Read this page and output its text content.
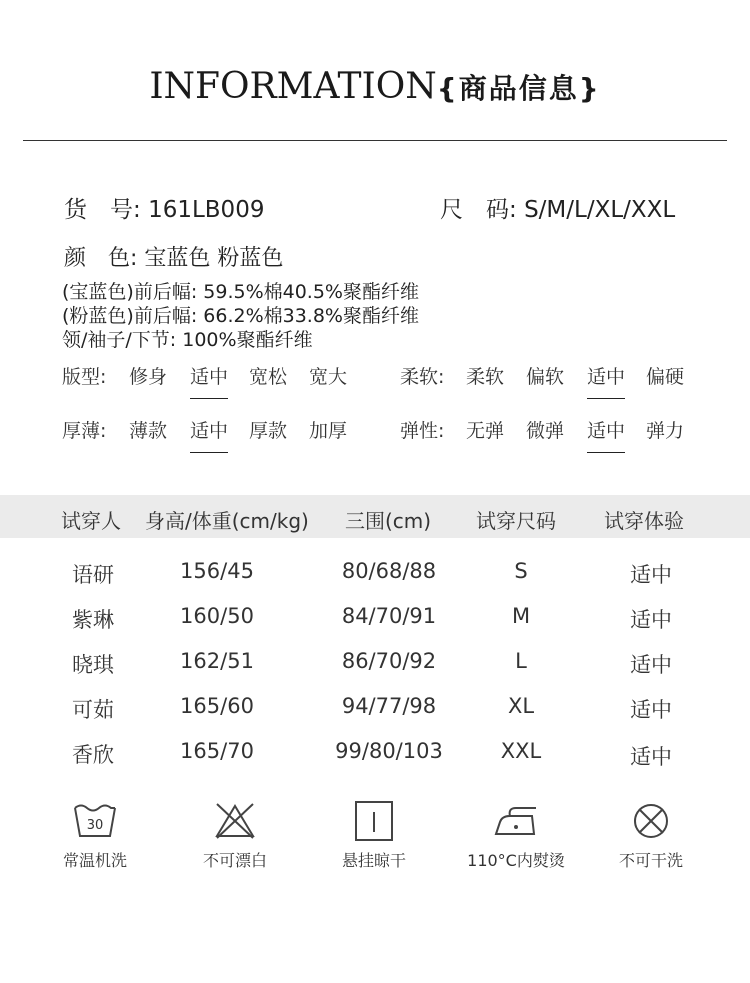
INFORMATION{商品信息}
货　号: 161LB009	尺　码: S/M/L/XL/XXL
颜　色: 宝蓝色 粉蓝色
(宝蓝色)前后幅: 59.5%棉40.5%聚酯纤维
(粉蓝色)前后幅: 66.2%棉33.8%聚酯纤维
领/袖子/下节: 100%聚酯纤维
版型: 修身 适中 宽松 宽大	柔软: 柔软 偏软 适中 偏硬
厚薄: 薄款 适中 厚款 加厚	弹性: 无弹 微弹 适中 弹力
试穿人 身高/体重(cm/kg) 三围(cm) 试穿尺码 试穿体验
语研	156/45	80/68/88	S	适中
紫琳	160/50	84/70/91	M	适中
晓琪	162/51	86/70/92	L	适中
可茹	165/60	94/77/98	XL	适中
香欣	165/70	99/80/103	XXL	适中
30
常温机洗	不可漂白	悬挂晾干	110°C内熨烫	不可干洗
